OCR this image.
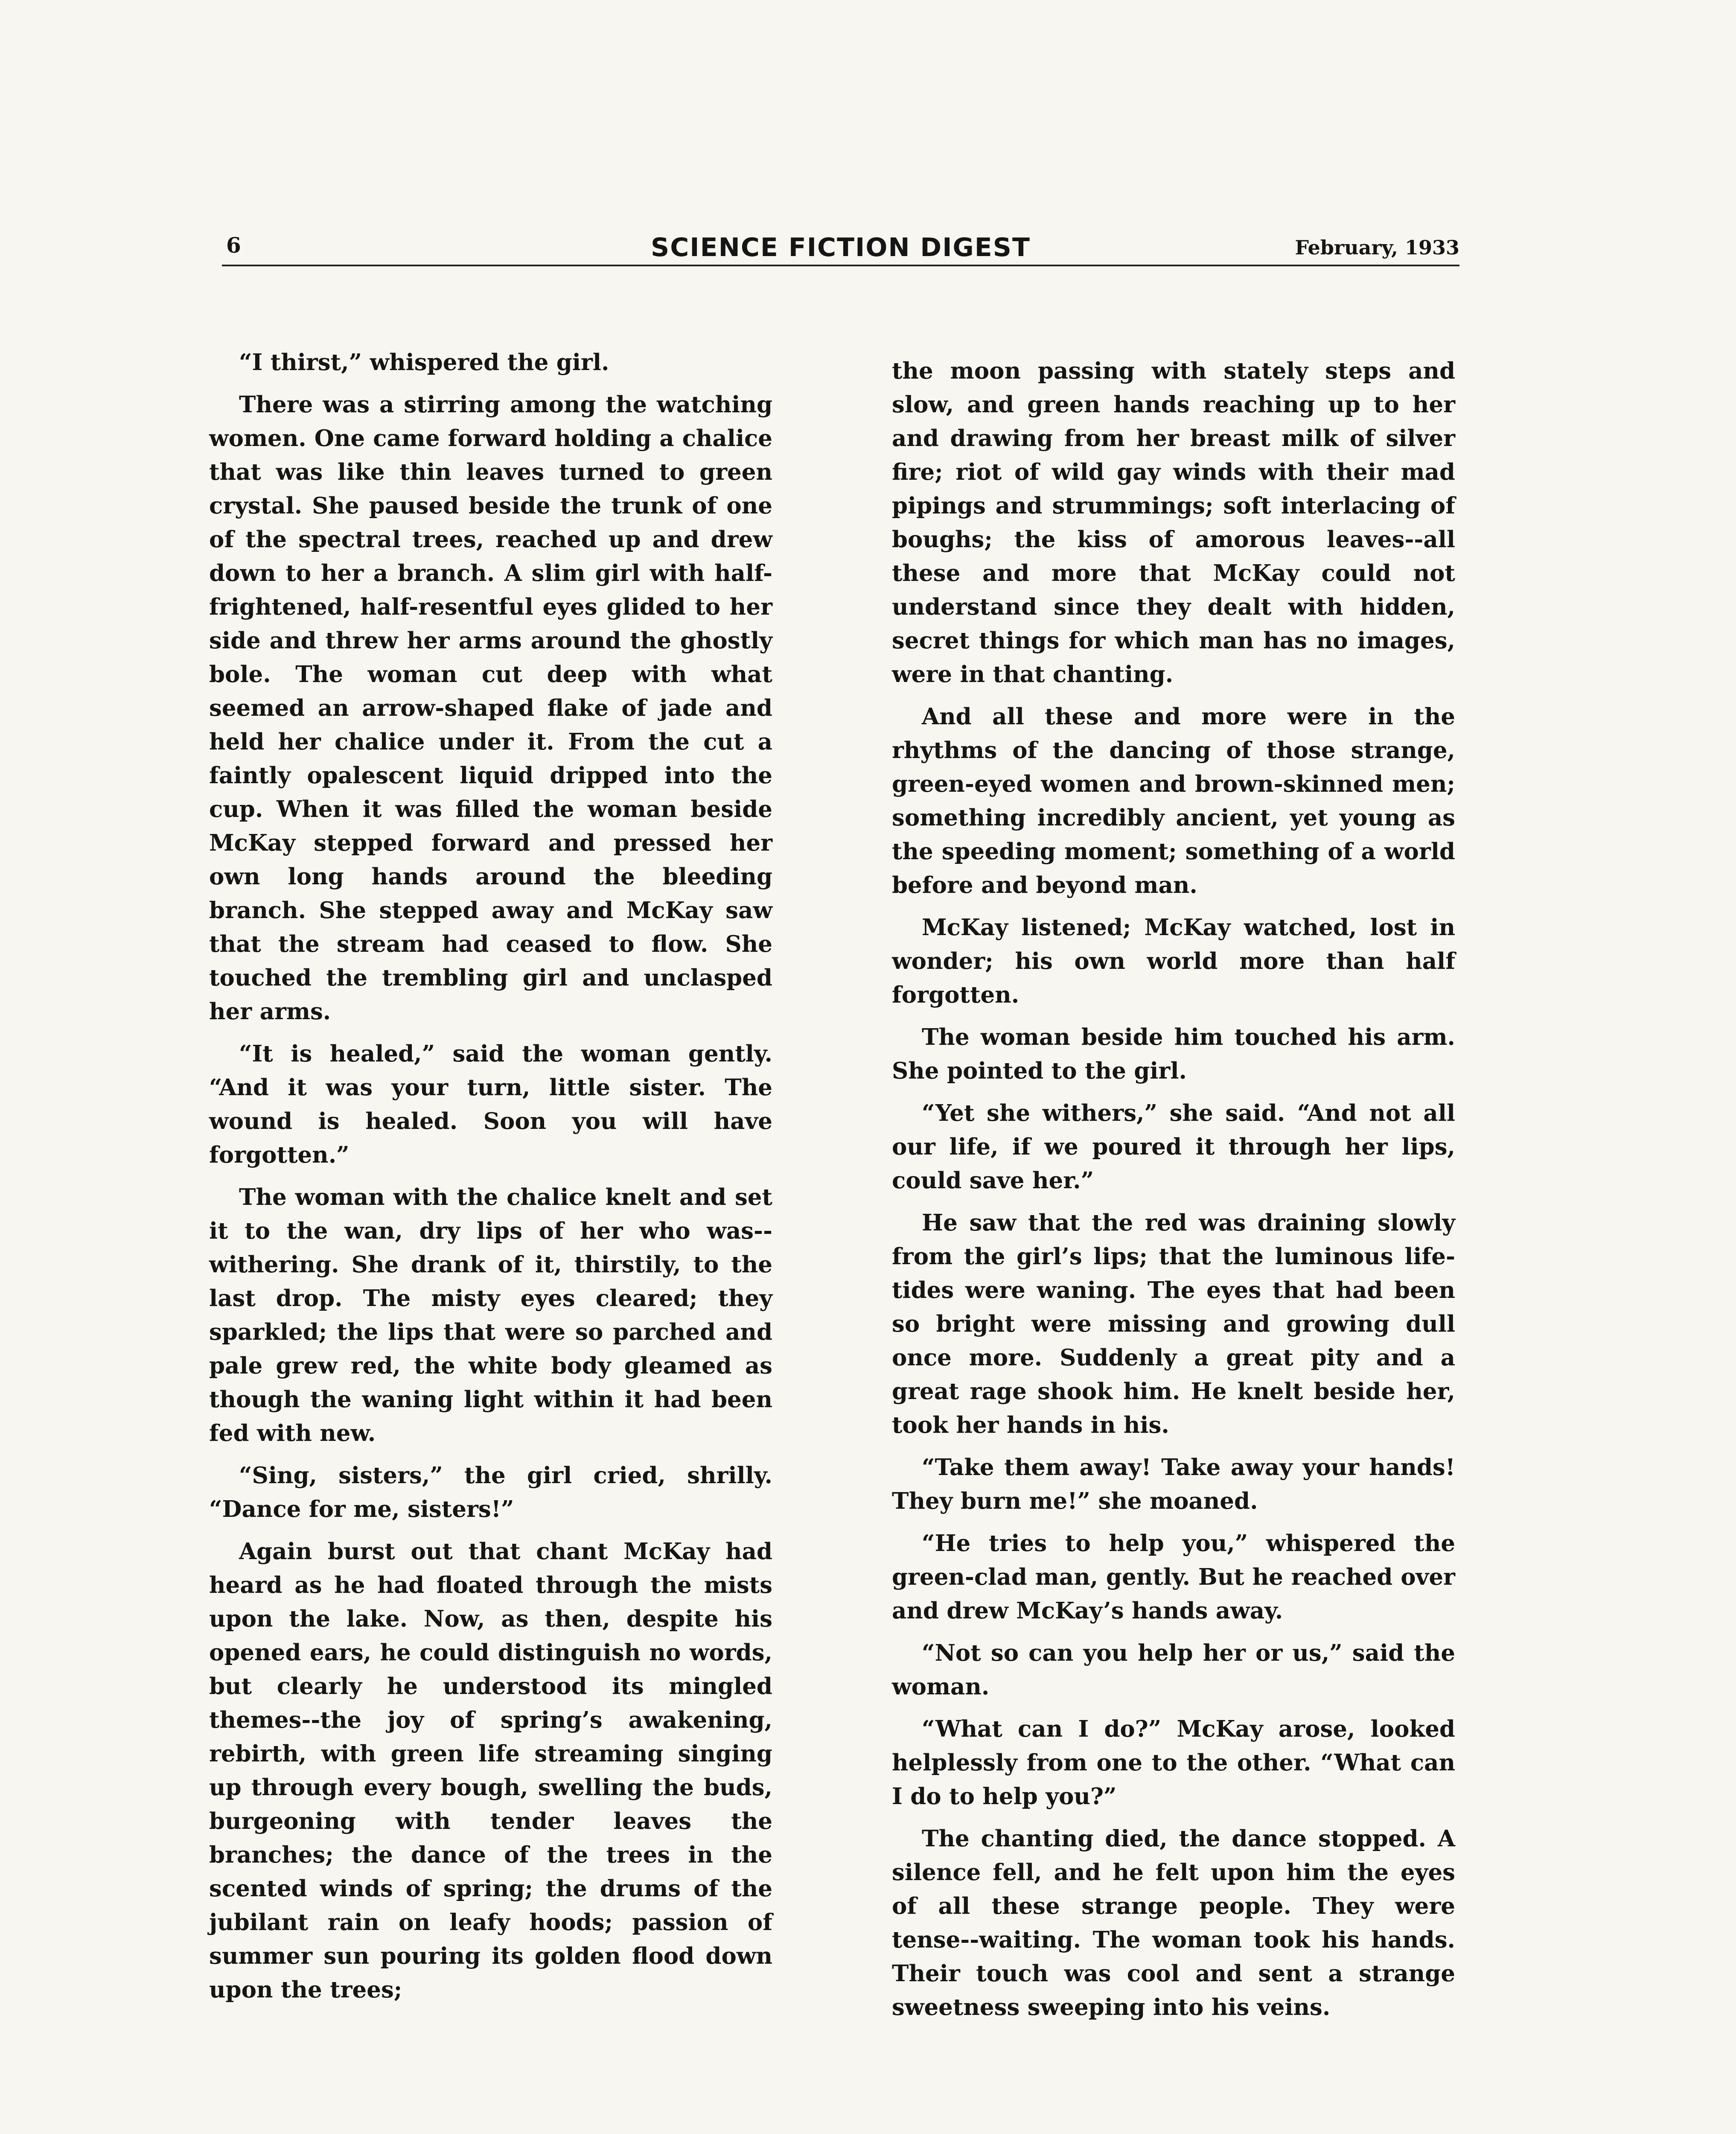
6	SCIENCE FICTION DIGEST	February, 1933

“I thirst,” whispered the girl.

There was a stirring among the watching women. One came forward holding a chalice that was like thin leaves turned to green crystal. She paused beside the trunk of one of the spectral trees, reached up and drew down to her a branch. A slim girl with half-frightened, half-resentful eyes glided to her side and threw her arms around the ghostly bole. The woman cut deep with what seemed an arrow-shaped flake of jade and held her chalice under it. From the cut a faintly opalescent liquid dripped into the cup. When it was filled the woman beside McKay stepped forward and pressed her own long hands around the bleeding branch. She stepped away and McKay saw that the stream had ceased to flow. She touched the trembling girl and unclasped her arms.

“It is healed,” said the woman gently. “And it was your turn, little sister. The wound is healed. Soon you will have forgotten.”

The woman with the chalice knelt and set it to the wan, dry lips of her who was--withering. She drank of it, thirstily, to the last drop. The misty eyes cleared; they sparkled; the lips that were so parched and pale grew red, the white body gleamed as though the waning light within it had been fed with new.

“Sing, sisters,” the girl cried, shrilly. “Dance for me, sisters!”

Again burst out that chant McKay had heard as he had floated through the mists upon the lake. Now, as then, despite his opened ears, he could distinguish no words, but clearly he understood its mingled themes--the joy of spring’s awakening, rebirth, with green life streaming singing up through every bough, swelling the buds, burgeoning with tender leaves the branches; the dance of the trees in the scented winds of spring; the drums of the jubilant rain on leafy hoods; passion of summer sun pouring its golden flood down upon the trees;

the moon passing with stately steps and slow, and green hands reaching up to her and drawing from her breast milk of silver fire; riot of wild gay winds with their mad pipings and strummings; soft interlacing of boughs; the kiss of amorous leaves--all these and more that McKay could not understand since they dealt with hidden, secret things for which man has no images, were in that chanting.

And all these and more were in the rhythms of the dancing of those strange, green-eyed women and brown-skinned men; something incredibly ancient, yet young as the speeding moment; something of a world before and beyond man.

McKay listened; McKay watched, lost in wonder; his own world more than half forgotten.

The woman beside him touched his arm. She pointed to the girl.

“Yet she withers,” she said. “And not all our life, if we poured it through her lips, could save her.”

He saw that the red was draining slowly from the girl’s lips; that the luminous life-tides were waning. The eyes that had been so bright were missing and growing dull once more. Suddenly a great pity and a great rage shook him. He knelt beside her, took her hands in his.

“Take them away! Take away your hands! They burn me!” she moaned.

“He tries to help you,” whispered the green-clad man, gently. But he reached over and drew McKay’s hands away.

“Not so can you help her or us,” said the woman.

“What can I do?” McKay arose, looked helplessly from one to the other. “What can I do to help you?”

The chanting died, the dance stopped. A silence fell, and he felt upon him the eyes of all these strange people. They were tense--waiting. The woman took his hands. Their touch was cool and sent a strange sweetness sweeping into his veins.
